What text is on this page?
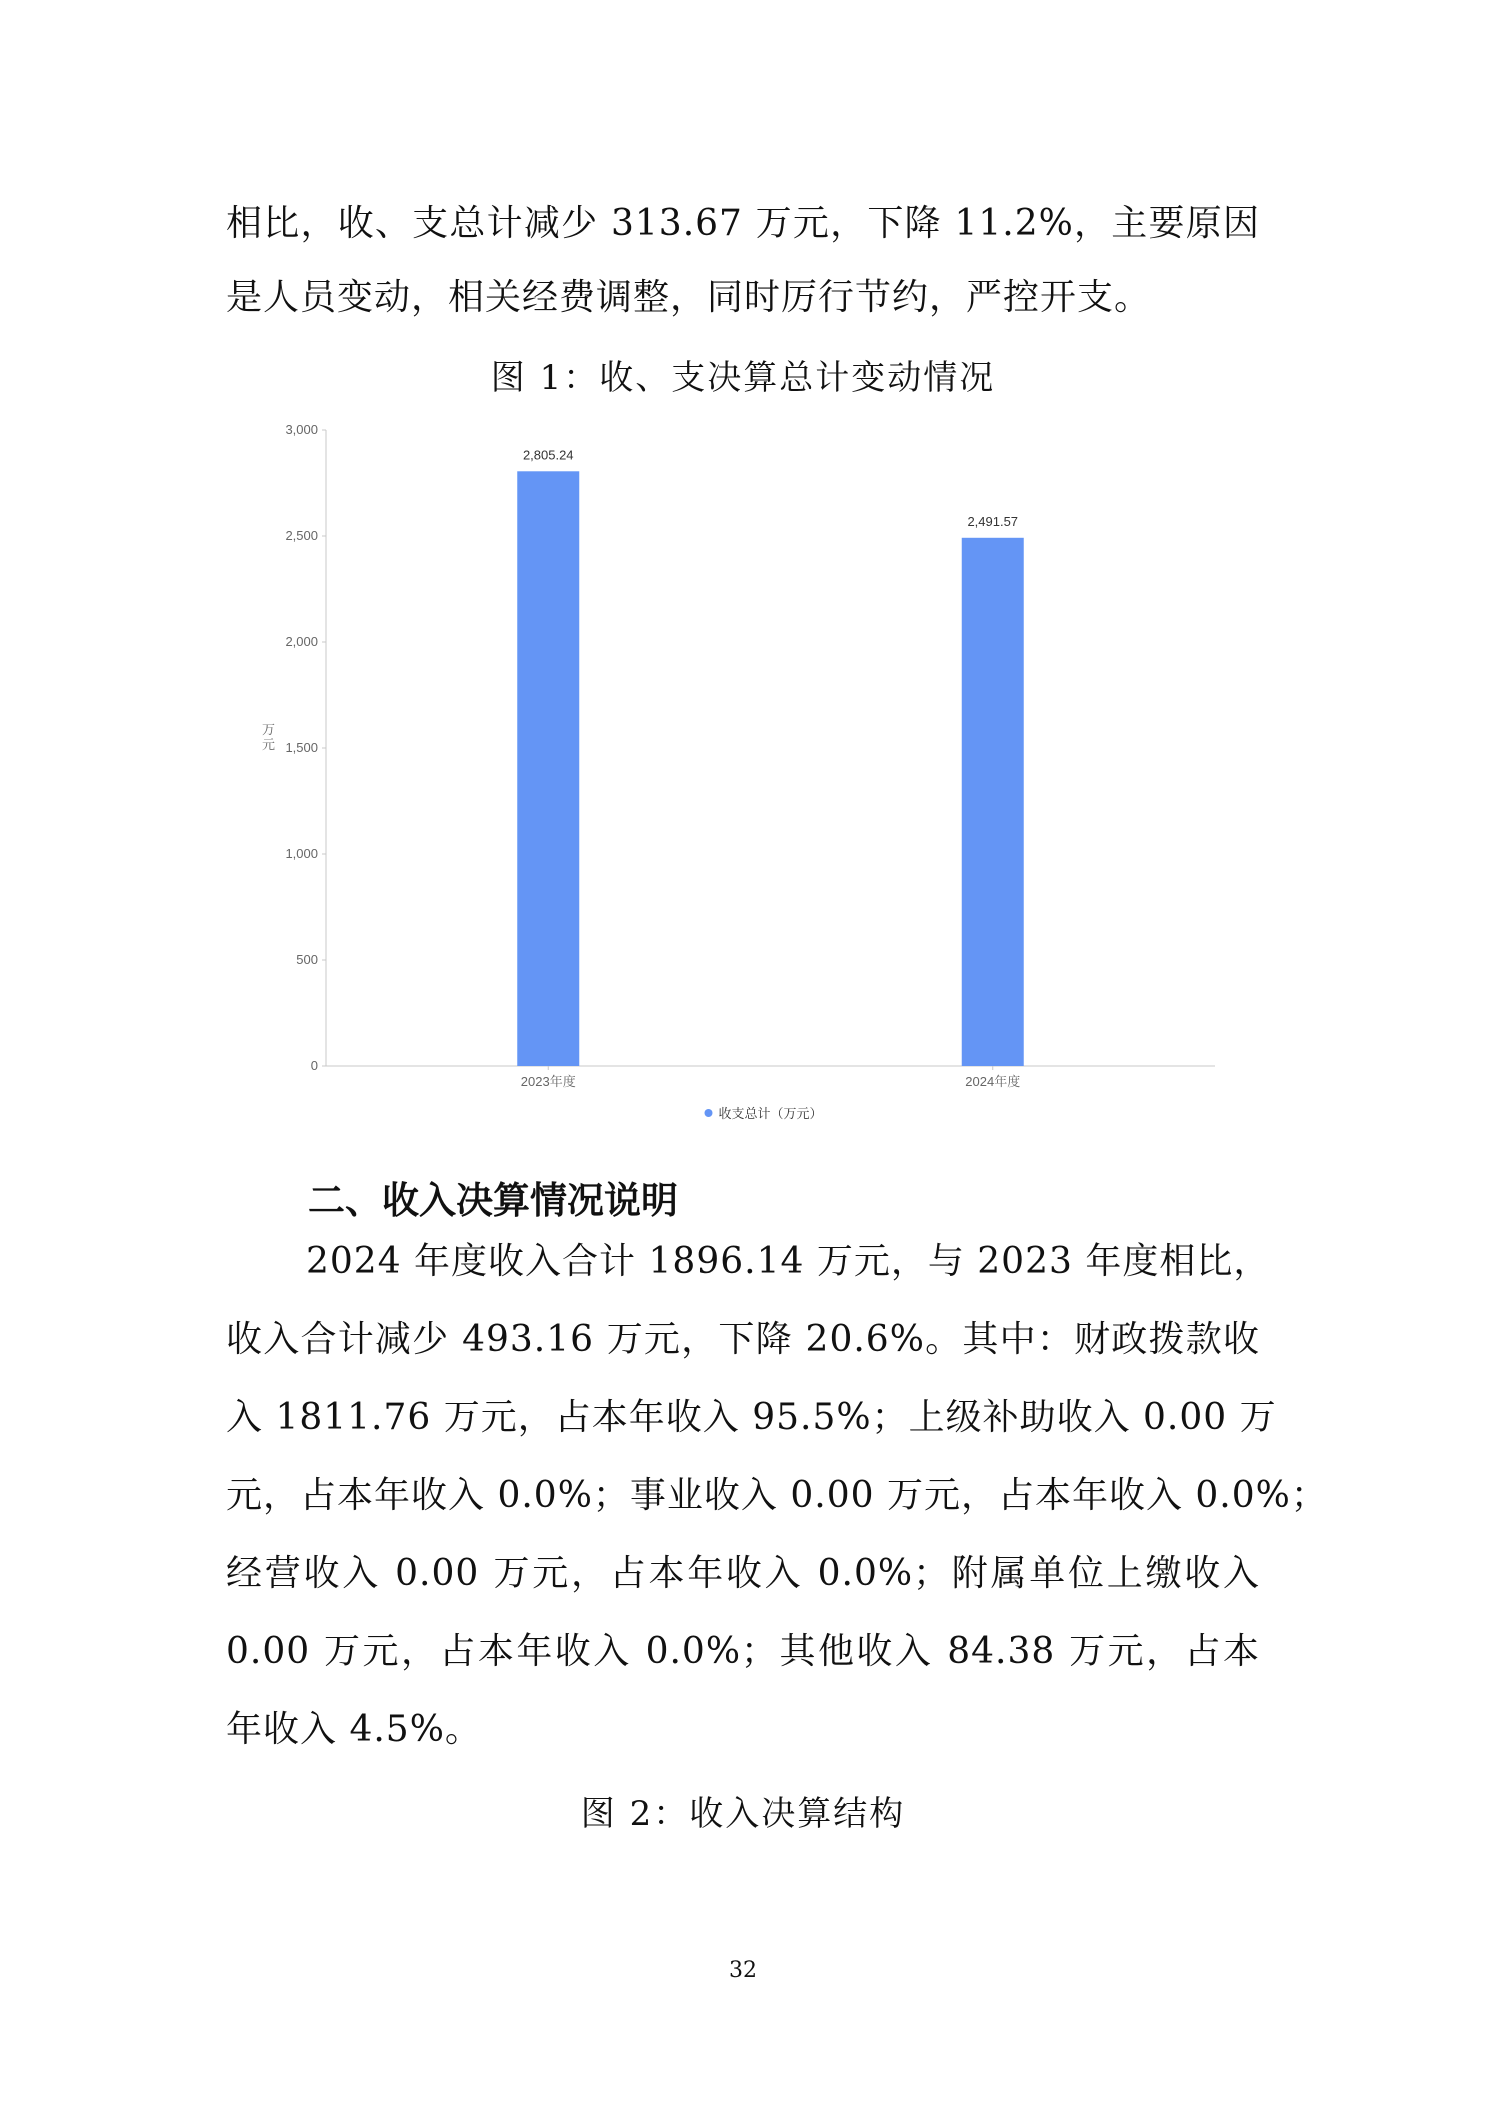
相比，收、支总计减少 313.67 万元，下降 11.2%，主要原因
是人员变动，相关经费调整，同时厉行节约，严控开支。
图 1：收、支决算总计变动情况
0
500
1,000
1,500
2,000
2,500
3,000
万元
2,805.24
2023年度
2,491.57
2024年度
收支总计（万元）
二、收入决算情况说明
2024 年度收入合计 1896.14 万元，与 2023 年度相比，
收入合计减少 493.16 万元，下降 20.6%。其中：财政拨款收
入 1811.76 万元，占本年收入 95.5%；上级补助收入 0.00 万
元，占本年收入 0.0%；事业收入 0.00 万元，占本年收入 0.0%；
经营收入 0.00 万元，占本年收入 0.0%；附属单位上缴收入
0.00 万元，占本年收入 0.0%；其他收入 84.38 万元，占本
年收入 4.5%。
图 2：收入决算结构
32
